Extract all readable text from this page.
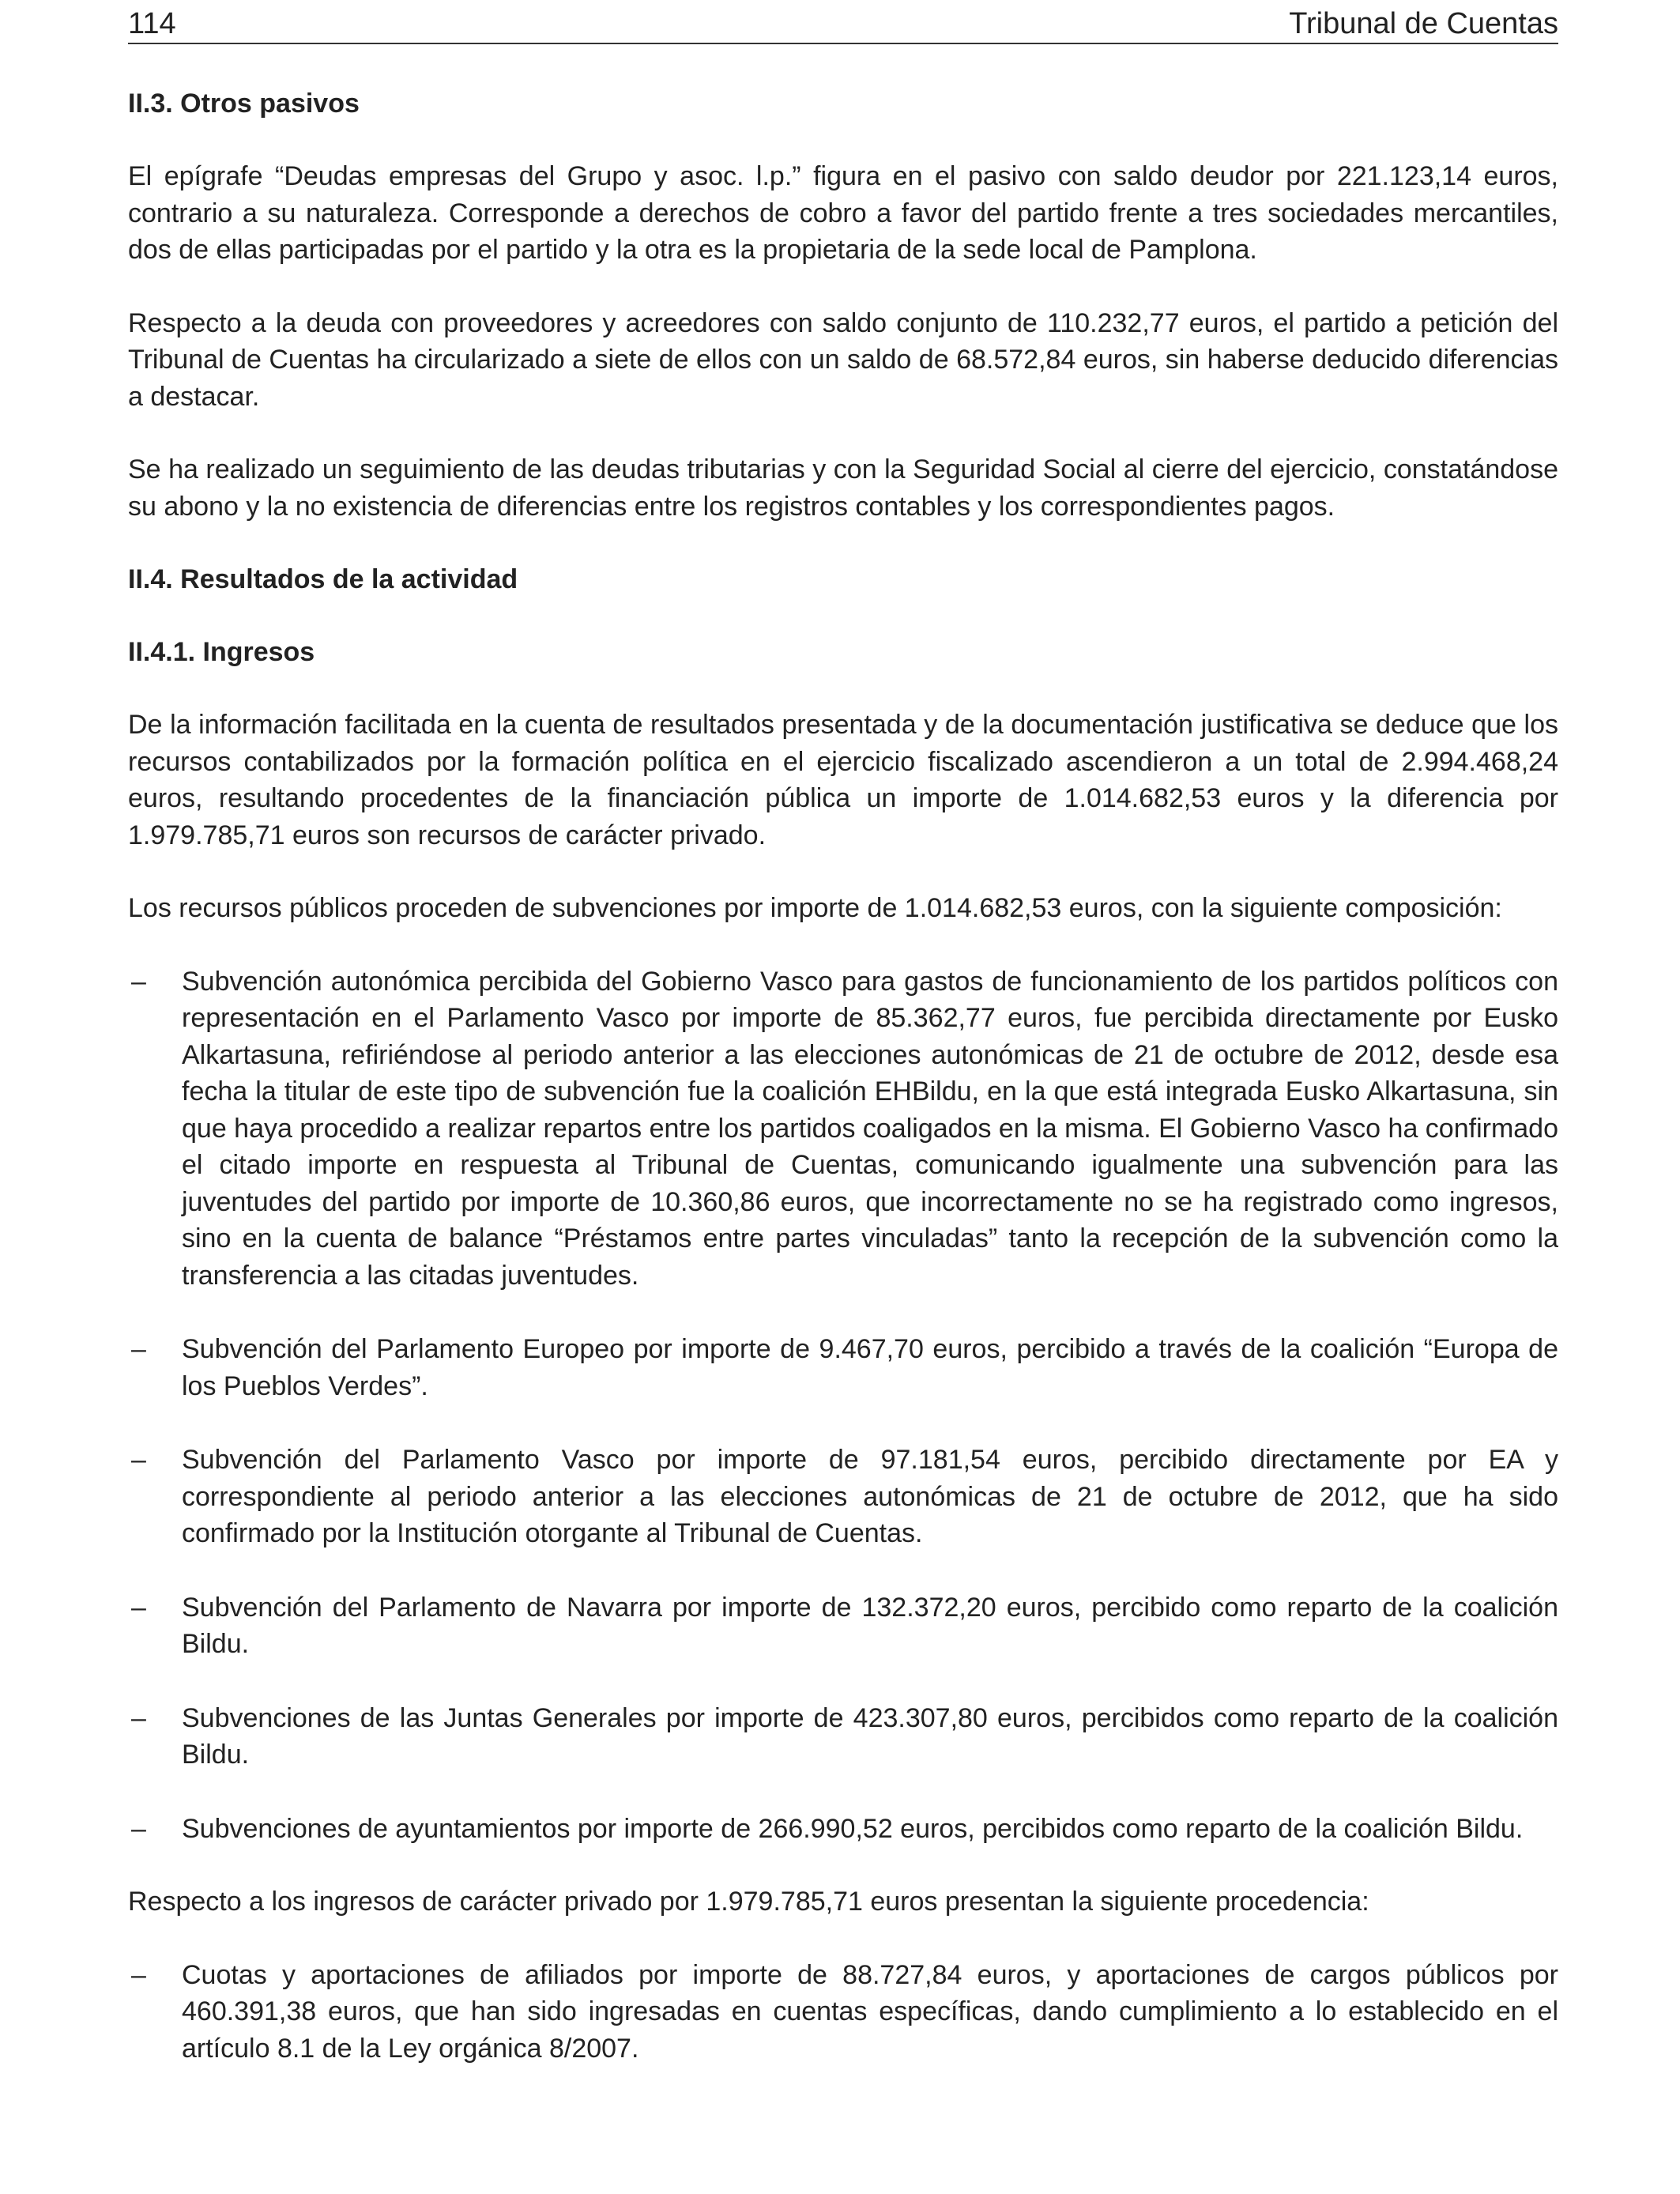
114	Tribunal de Cuentas
II.3. Otros pasivos

El epígrafe “Deudas empresas del Grupo y asoc. l.p.” figura en el pasivo con saldo deudor por 221.123,14 euros, contrario a su naturaleza. Corresponde a derechos de cobro a favor del partido frente a tres sociedades mercantiles, dos de ellas participadas por el partido y la otra es la propietaria de la sede local de Pamplona.

Respecto a la deuda con proveedores y acreedores con saldo conjunto de 110.232,77 euros, el partido a petición del Tribunal de Cuentas ha circularizado a siete de ellos con un saldo de 68.572,84 euros, sin haberse deducido diferencias a destacar.

Se ha realizado un seguimiento de las deudas tributarias y con la Seguridad Social al cierre del ejercicio, constatándose su abono y la no existencia de diferencias entre los registros contables y los correspondientes pagos.

II.4. Resultados de la actividad
II.4.1. Ingresos

De la información facilitada en la cuenta de resultados presentada y de la documentación justificativa se deduce que los recursos contabilizados por la formación política en el ejercicio fiscalizado ascendieron a un total de 2.994.468,24 euros, resultando procedentes de la financiación pública un importe de 1.014.682,53 euros y la diferencia por 1.979.785,71 euros son recursos de carácter privado.

Los recursos públicos proceden de subvenciones por importe de 1.014.682,53 euros, con la siguiente composición:

– Subvención autonómica percibida del Gobierno Vasco para gastos de funcionamiento de los partidos políticos con representación en el Parlamento Vasco por importe de 85.362,77 euros, fue percibida directamente por Eusko Alkartasuna, refiriéndose al periodo anterior a las elecciones autonómicas de 21 de octubre de 2012, desde esa fecha la titular de este tipo de subvención fue la coalición EHBildu, en la que está integrada Eusko Alkartasuna, sin que haya procedido a realizar repartos entre los partidos coaligados en la misma. El Gobierno Vasco ha confirmado el citado importe en respuesta al Tribunal de Cuentas, comunicando igualmente una subvención para las juventudes del partido por importe de 10.360,86 euros, que incorrectamente no se ha registrado como ingresos, sino en la cuenta de balance “Préstamos entre partes vinculadas” tanto la recepción de la subvención como la transferencia a las citadas juventudes.
– Subvención del Parlamento Europeo por importe de 9.467,70 euros, percibido a través de la coalición “Europa de los Pueblos Verdes”.
– Subvención del Parlamento Vasco por importe de 97.181,54 euros, percibido directamente por EA y correspondiente al periodo anterior a las elecciones autonómicas de 21 de octubre de 2012, que ha sido confirmado por la Institución otorgante al Tribunal de Cuentas.
– Subvención del Parlamento de Navarra por importe de 132.372,20 euros, percibido como reparto de la coalición Bildu.
– Subvenciones de las Juntas Generales por importe de 423.307,80 euros, percibidos como reparto de la coalición Bildu.
– Subvenciones de ayuntamientos por importe de 266.990,52 euros, percibidos como reparto de la coalición Bildu.

Respecto a los ingresos de carácter privado por 1.979.785,71 euros presentan la siguiente procedencia:

– Cuotas y aportaciones de afiliados por importe de 88.727,84 euros, y aportaciones de cargos públicos por 460.391,38 euros, que han sido ingresadas en cuentas específicas, dando cumplimiento a lo establecido en el artículo 8.1 de la Ley orgánica 8/2007.
